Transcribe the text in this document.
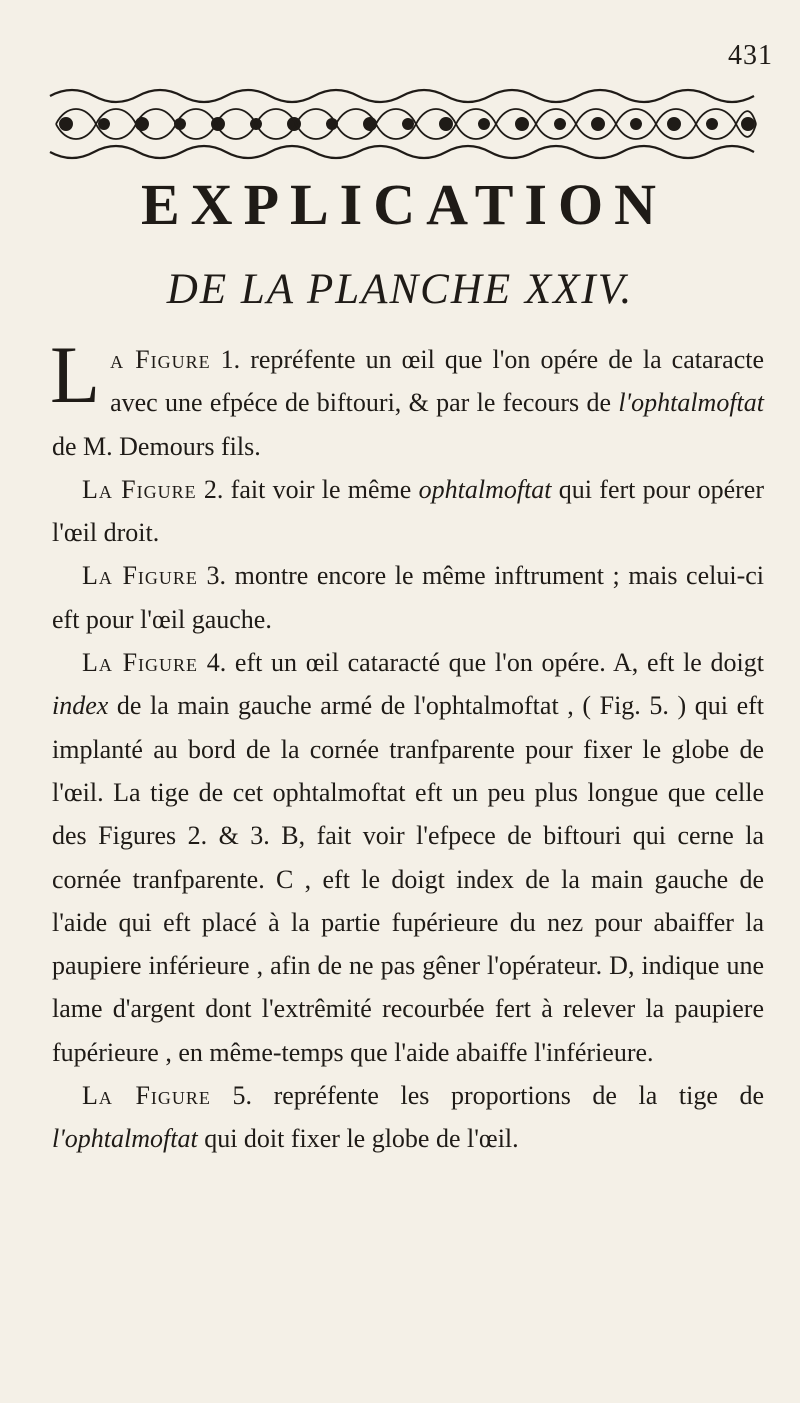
431
EXPLICATION
DE LA PLANCHE XXIV.

L a Figure 1. repréfente un œil que l'on opére de la cataracte avec une efpéce de biftouri, & par le fecours de l'ophtalmoftat de M. Demours fils.

La Figure 2. fait voir le même ophtalmoftat qui fert pour opérer l'œil droit.

La Figure 3. montre encore le même inftrument ; mais celui-ci eft pour l'œil gauche.

La Figure 4. eft un œil cataracté que l'on opére. A, eft le doigt index de la main gauche armé de l'ophtalmoftat , ( Fig. 5. ) qui eft implanté au bord de la cornée tranfparente pour fixer le globe de l'œil. La tige de cet ophtalmoftat eft un peu plus longue que celle des Figures 2. & 3. B, fait voir l'efpece de biftouri qui cerne la cornée tranfparente. C , eft le doigt index de la main gauche de l'aide qui eft placé à la partie fupérieure du nez pour abaiffer la paupiere inférieure , afin de ne pas gêner l'opérateur. D, indique une lame d'argent dont l'extrêmité recourbée fert à relever la paupiere fupérieure , en même-temps que l'aide abaiffe l'inférieure.

La Figure 5. repréfente les proportions de la tige de l'ophtalmoftat qui doit fixer le globe de l'œil.
